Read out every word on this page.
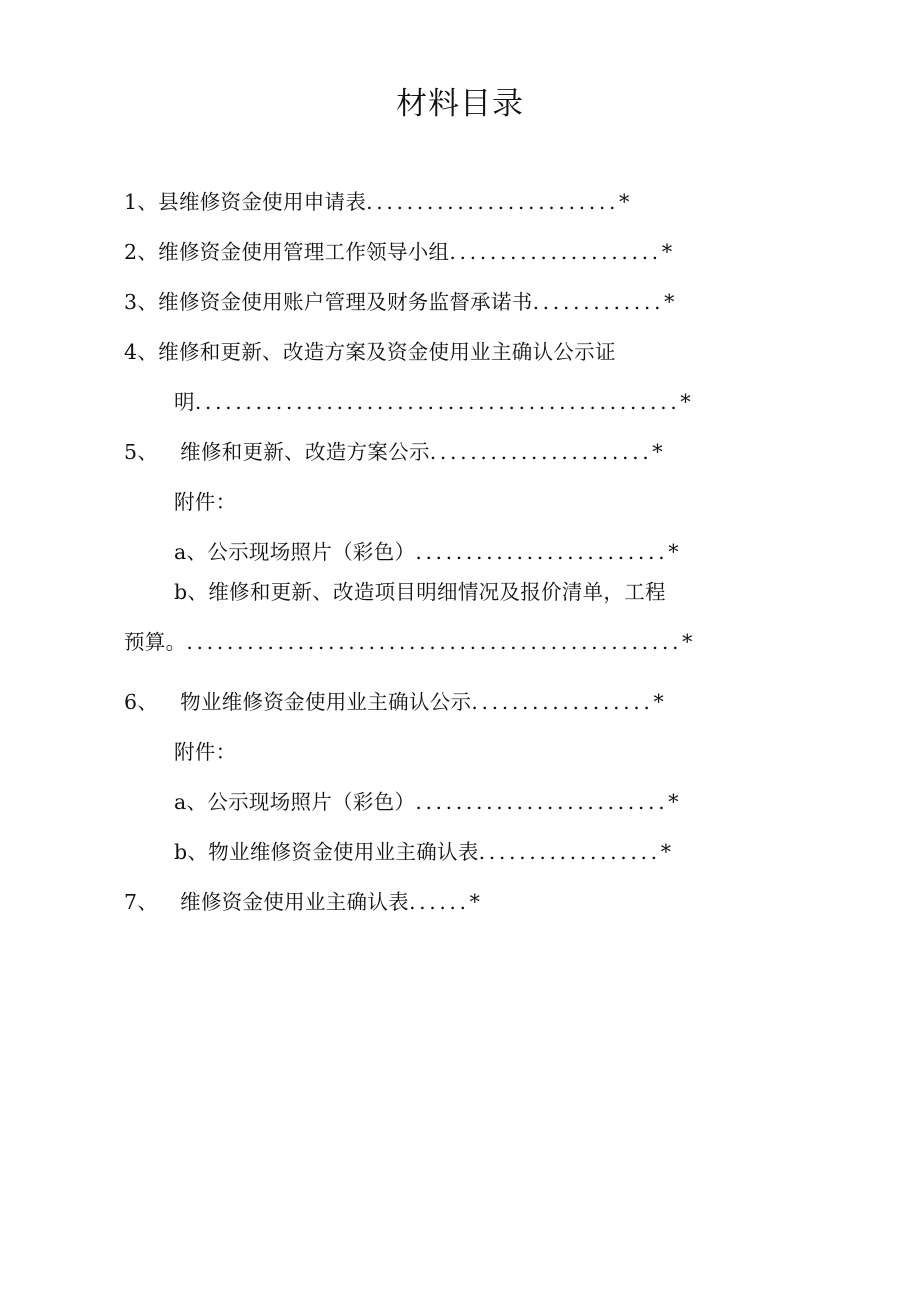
材料目录
1、县维修资金使用申请表.........................*
2、维修资金使用管理工作领导小组.....................*
3、维修资金使用账户管理及财务监督承诺书.............*
4、维修和更新、改造方案及资金使用业主确认公示证
明................................................*
5、 维修和更新、改造方案公示......................*
附件：
a、公示现场照片（彩色）.........................*
b、维修和更新、改造项目明细情况及报价清单，工程
预算。.................................................*
6、 物业维修资金使用业主确认公示..................*
附件：
a、公示现场照片（彩色）.........................*
b、物业维修资金使用业主确认表..................*
7、 维修资金使用业主确认表......*
